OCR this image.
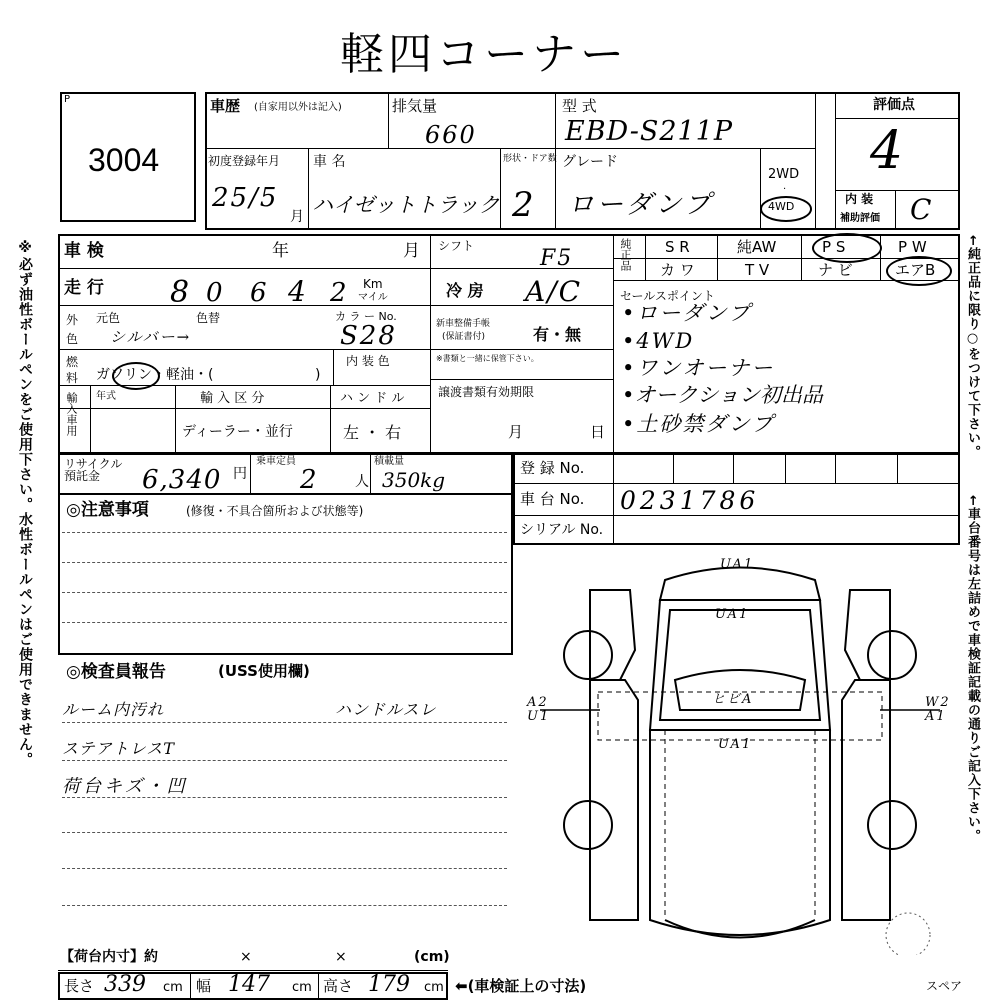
軽四コーナー
※必ず油性ボールペンをご使用下さい。水性ボールペンはご使用できません。	←純正品に限り○をつけて下さい。
←車台番号は左詰めで車検証記載の通りご記入下さい。
P
3004
車歴 (自家用以外は記入)	排気量
660
型 式
EBD-S211P
評価点
4
初度登録年月
25/5
月
車 名
ハイゼットトラック
形状・ドア数
2
グレード
ローダンプ
2WD
·
4WD
内 装
補助評価 C
車 検	年	月 シフト	F5	純正品 S R	純AW	P S	P W
カ ワ	T V	ナ ビ	エアB
走 行 8 0 6 4 2 Km
マイル	冷 房 A/C
外
色
元色	色替
シルバー→
カ ラ ー No.
S28	新車整備手帳
(保証書付)	有・無
※書類と一緒に保管下さい。
セールスポイント
•ローダンプ
•4WD
•ワンオーナー
•オークション初出品
•土砂禁ダンプ
燃
料 ガソリン・軽油・(	)
内 装 色
譲渡書類有効期限
月	日
輸入車用 年式	輸 入 区 分
ディーラー・並行
ハ ン ド ル
左 ・ 右
リサイクル預託金	6,340 円
乗車定員
2	人
積載量
350kg	登 録 No.
車 台 No. 0231786
シリアル No.
◎注意事項	(修復・不具合箇所および状態等)
◎検査員報告	(USS使用欄)
ルーム内汚れ	ハンドルスレ
ステアトレスT
荷台キズ・凹
UA1
UA1
ヒビA
UA1
A2
U1
W2
A1
スペア
【荷台内寸】約	×	×	(cm)
長さ 339 cm 幅 147 cm 高さ 179 cm ⬅(車検証上の寸法)
